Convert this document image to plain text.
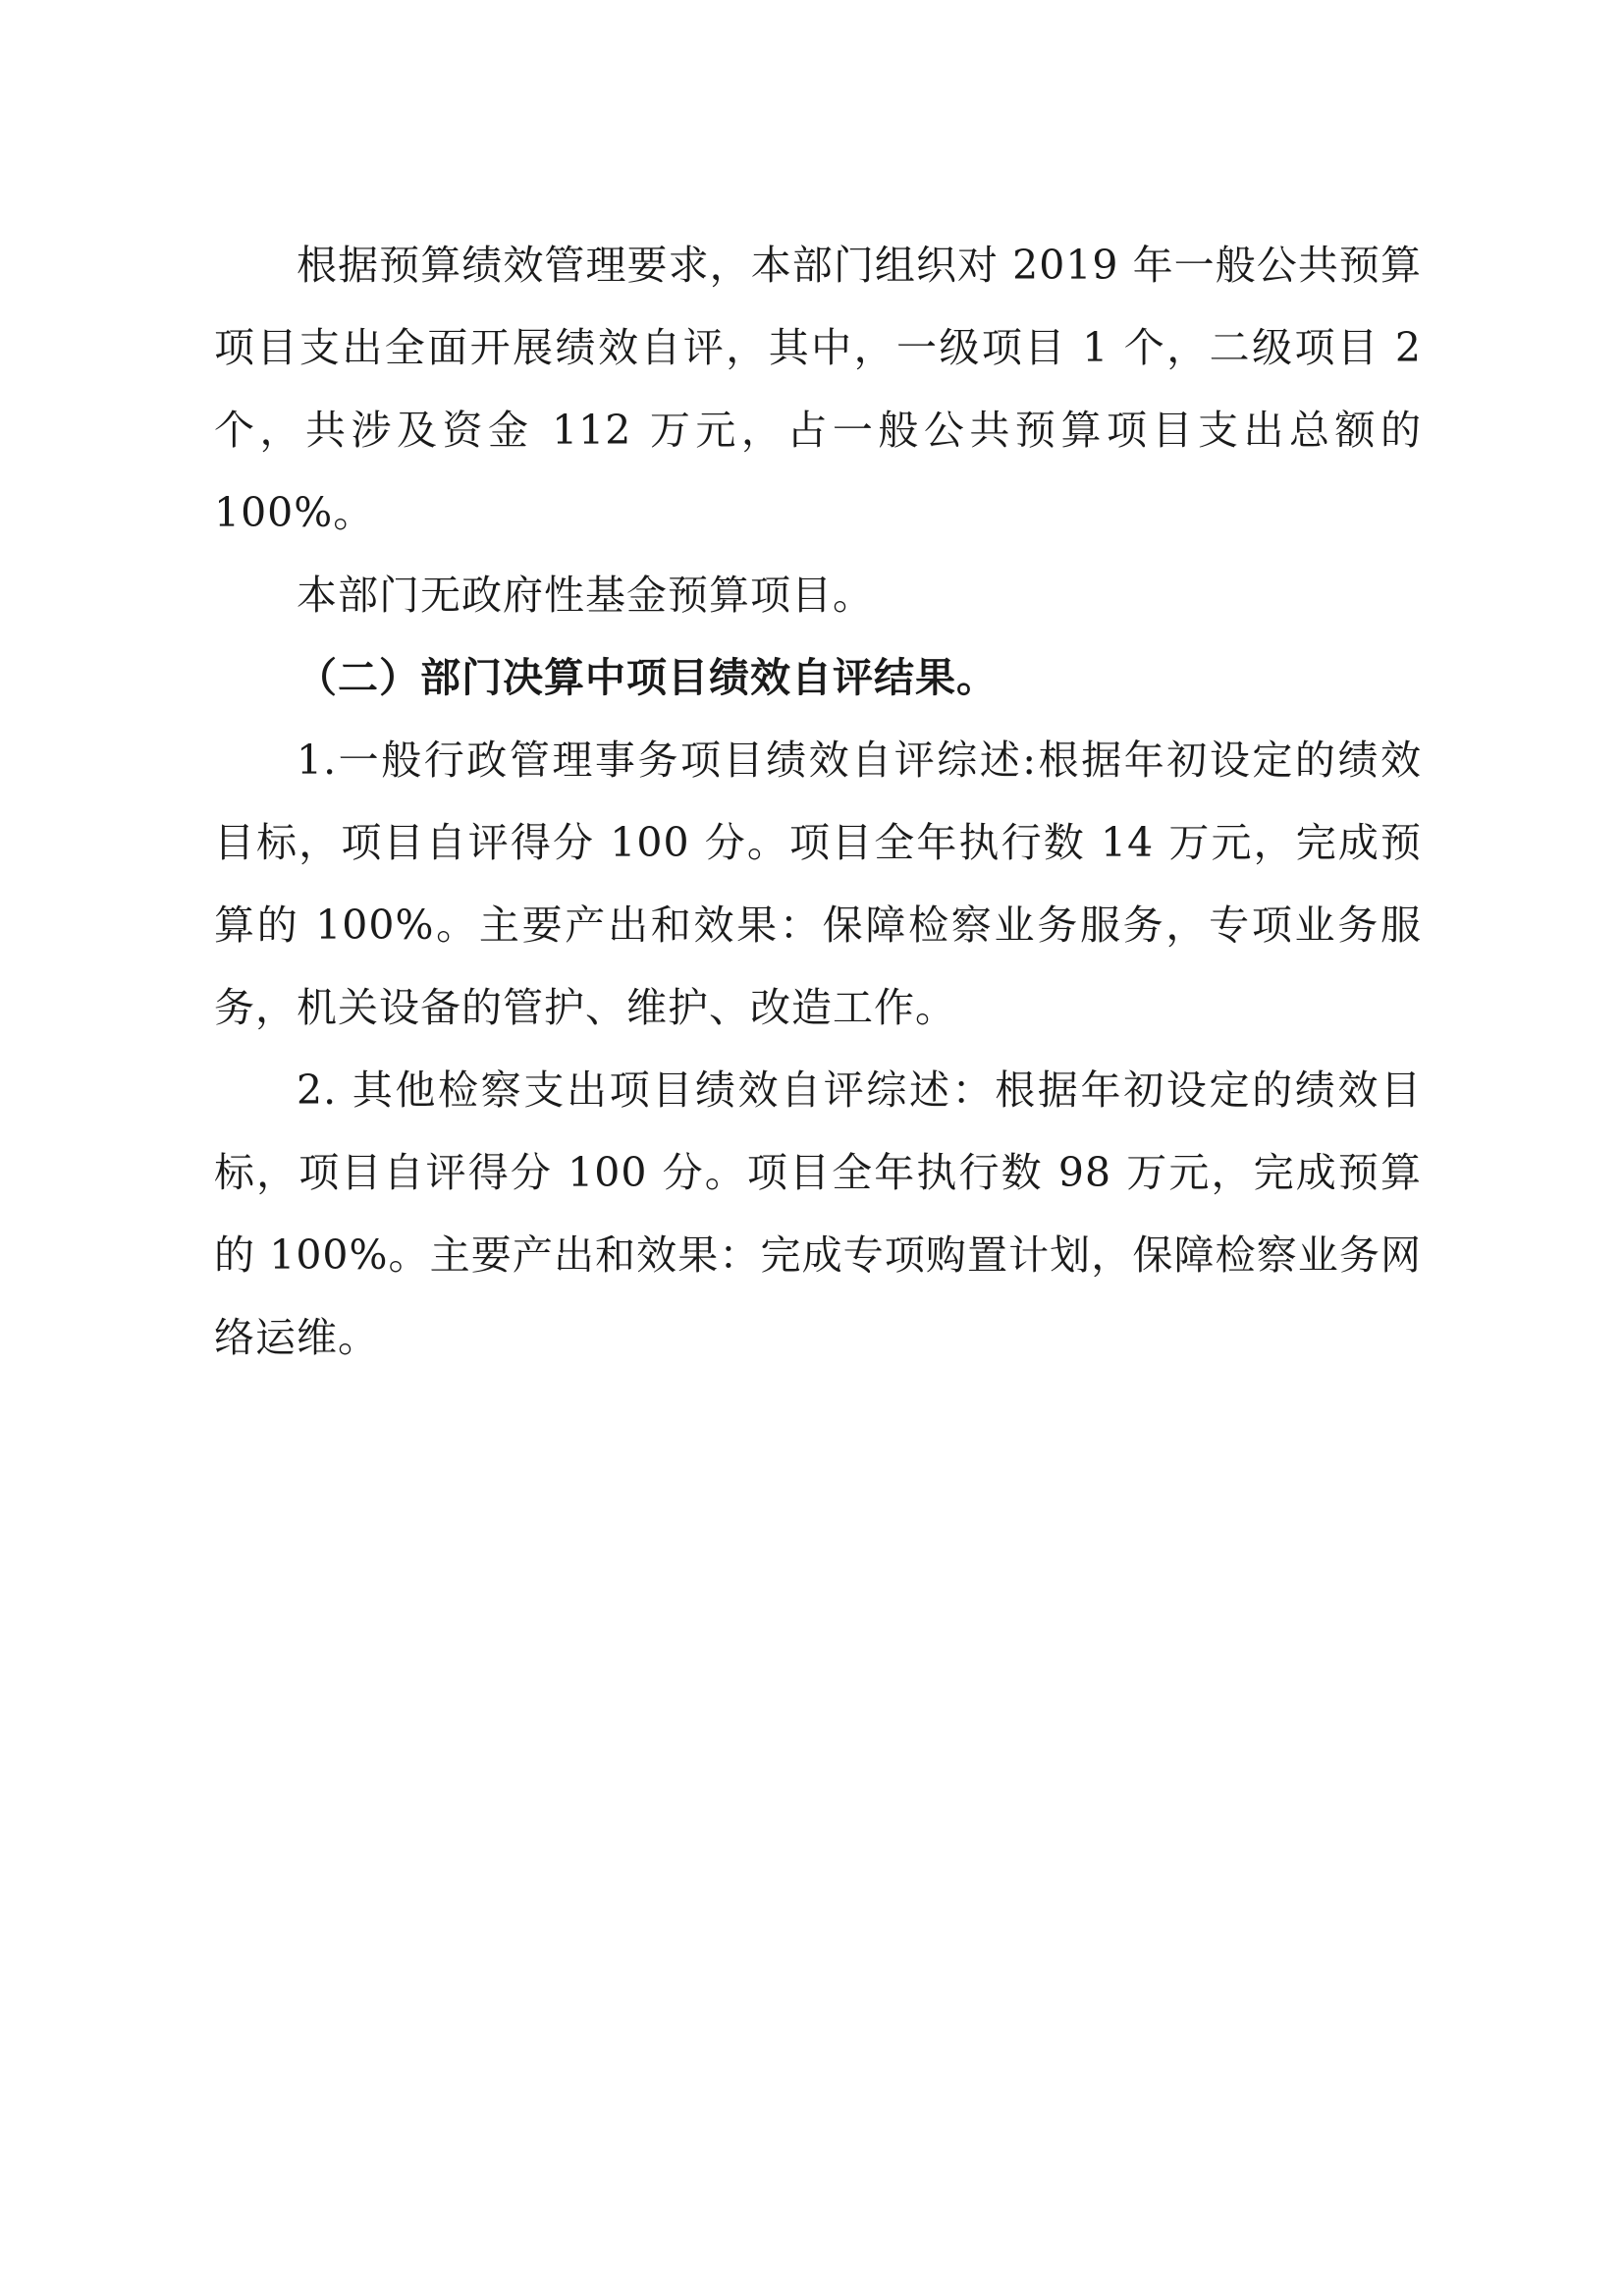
根据预算绩效管理要求，本部门组织对 2019 年一般公共预算项目支出全面开展绩效自评，其中，一级项目 1 个，二级项目 2 个，共涉及资金 112 万元，占一般公共预算项目支出总额的 100%。

本部门无政府性基金预算项目。

（二）部门决算中项目绩效自评结果。

1.一般行政管理事务项目绩效自评综述:根据年初设定的绩效目标，项目自评得分 100 分。项目全年执行数 14 万元，完成预算的 100%。主要产出和效果：保障检察业务服务，专项业务服务，机关设备的管护、维护、改造工作。

2. 其他检察支出项目绩效自评综述：根据年初设定的绩效目标，项目自评得分 100 分。项目全年执行数 98 万元，完成预算的 100%。主要产出和效果：完成专项购置计划，保障检察业务网络运维。
